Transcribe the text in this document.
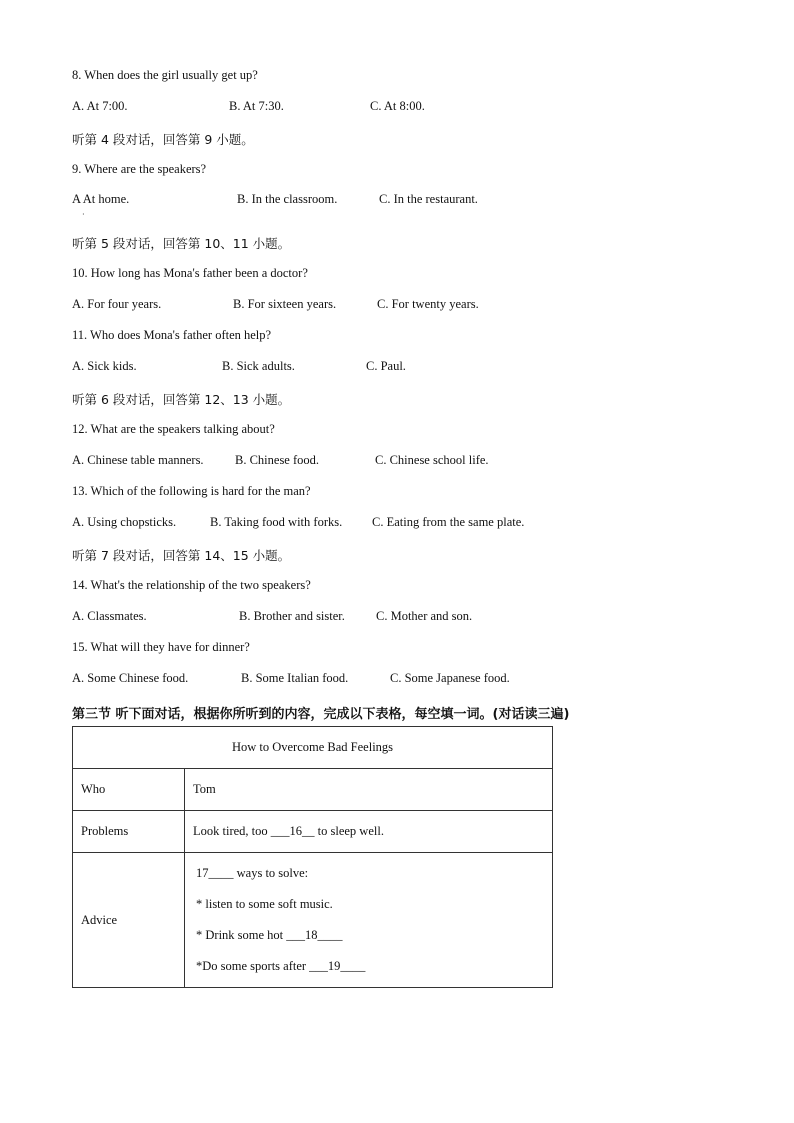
8. When does the girl usually get up?
A. At 7:00.	B. At 7:30.	C. At 8:00.
听第 4 段对话，回答第 9 小题。
9. Where are the speakers?
A At home.
·
B. In the classroom.	C. In the restaurant.
听第 5 段对话，回答第 10、11 小题。
10. How long has Mona's father been a doctor?
A. For four years.	B. For sixteen years.	C. For twenty years.
11. Who does Mona's father often help?
A. Sick kids.	B. Sick adults.	C. Paul.
听第 6 段对话，回答第 12、13 小题。
12. What are the speakers talking about?
A. Chinese table manners.	B. Chinese food.	C. Chinese school life.
13. Which of the following is hard for the man?
A. Using chopsticks.	B. Taking food with forks. C. Eating from the same plate.
听第 7 段对话，回答第 14、15 小题。
14. What's the relationship of the two speakers?
A. Classmates.	B. Brother and sister. C. Mother and son.
15. What will they have for dinner?
A. Some Chinese food.	B. Some Italian food.	C. Some Japanese food.
第三节 听下面对话，根据你所听到的内容，完成以下表格，每空填一词。(对话读三遍)
How to Overcome Bad Feelings	
Who	Tom
Problems	Look tired, too ___16__ to sleep well.
Advice	17____ ways to solve:
* listen to some soft music.
* Drink some hot ___18____
*Do some sports after ___19____
